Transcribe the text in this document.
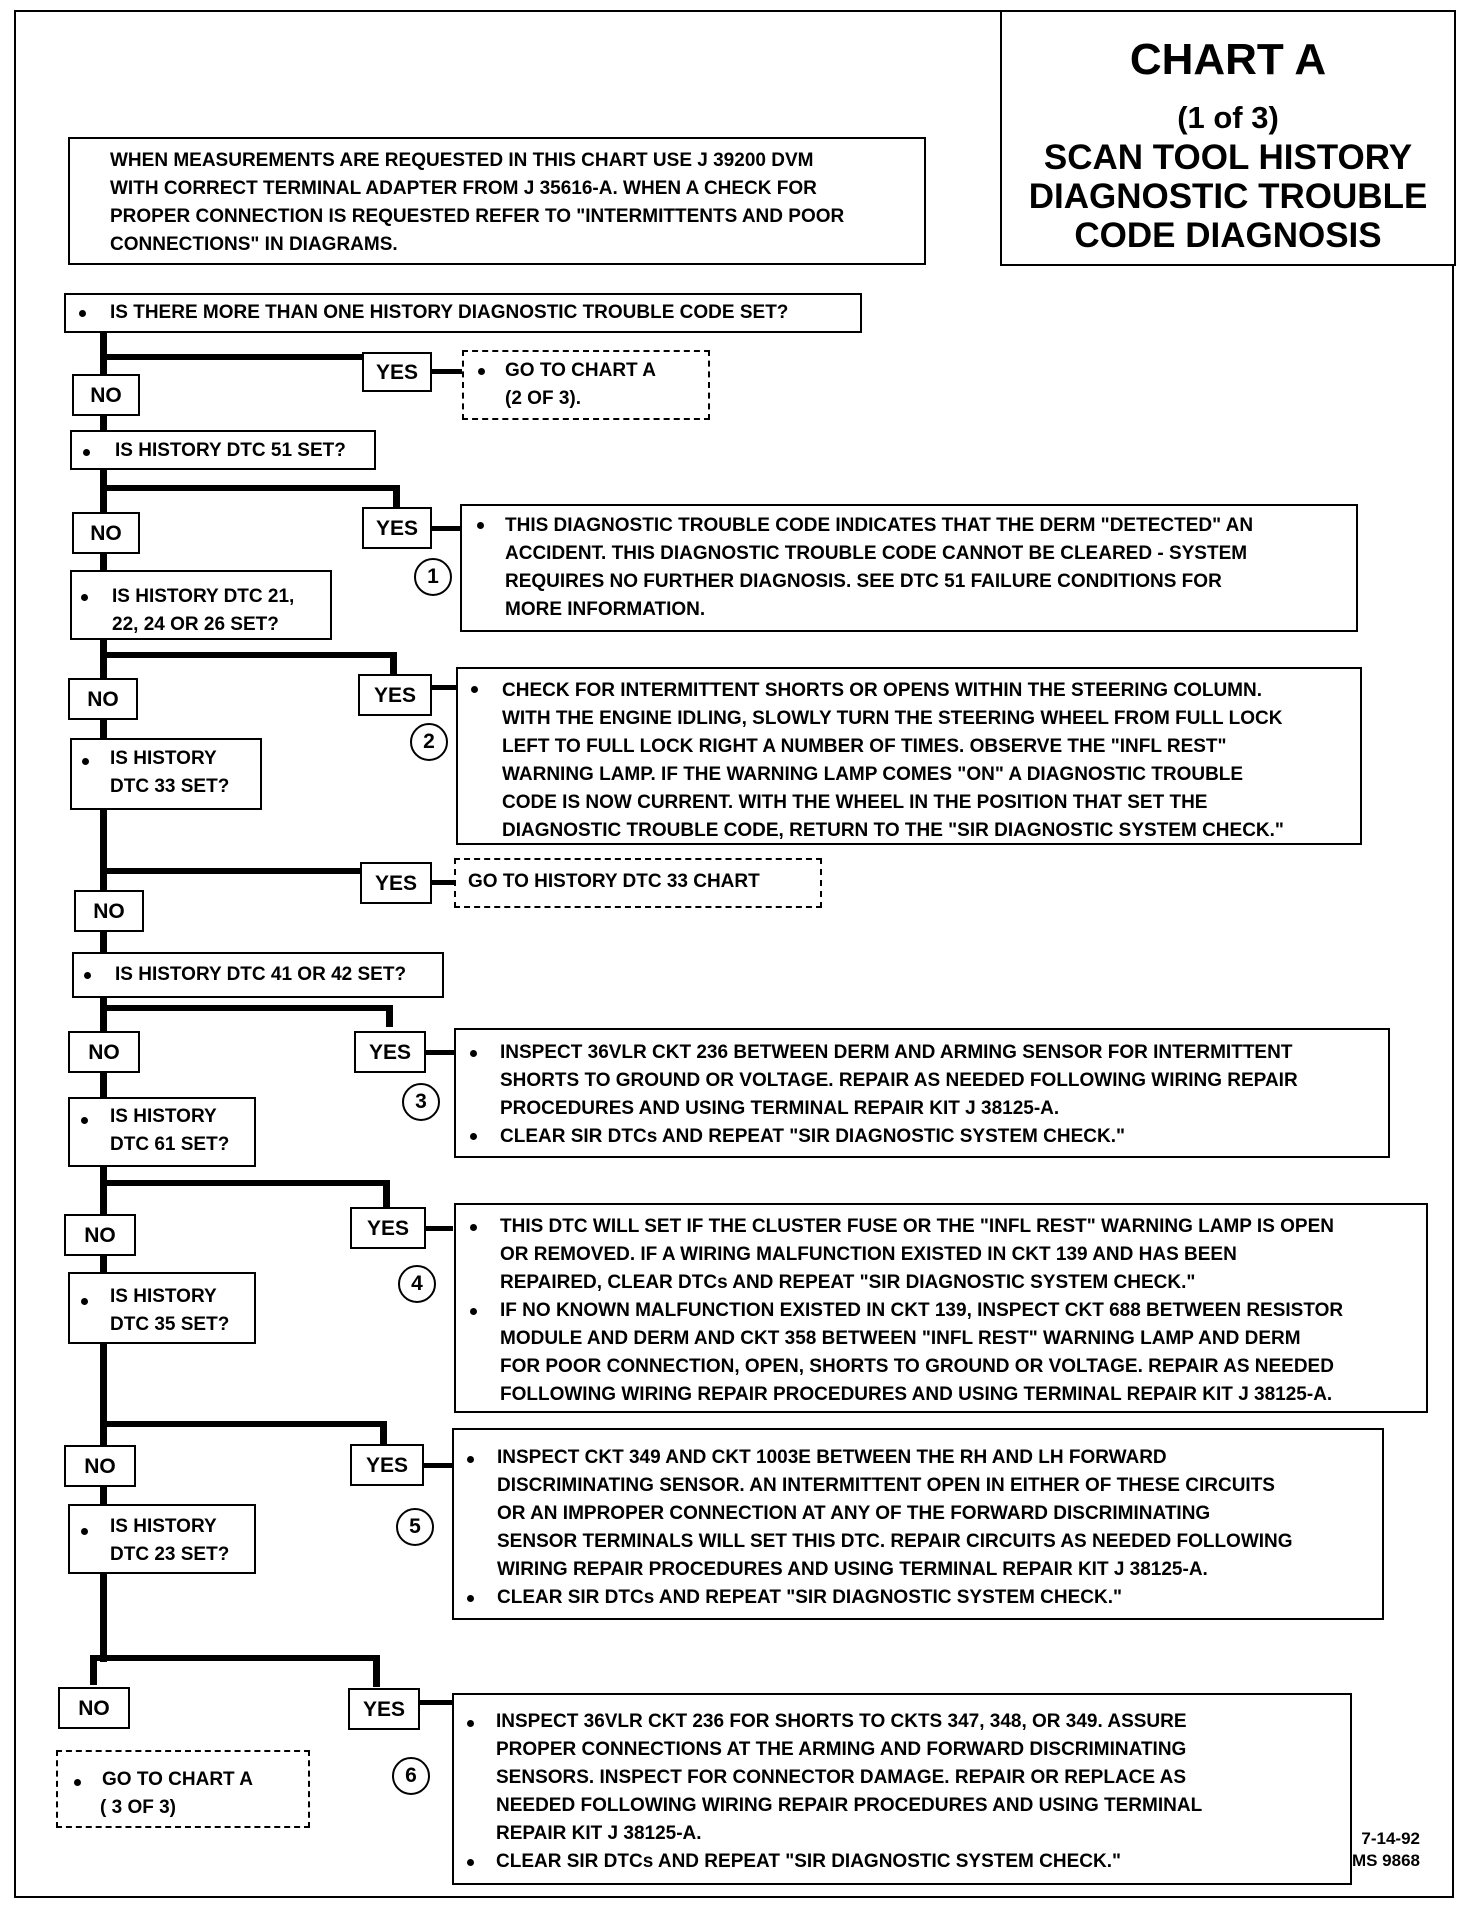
CHART A
(1 of 3)
SCAN TOOL HISTORY
DIAGNOSTIC TROUBLE
CODE DIAGNOSIS
WHEN MEASUREMENTS ARE REQUESTED IN THIS CHART USE J 39200 DVM
WITH CORRECT TERMINAL ADAPTER FROM J 35616-A. WHEN A CHECK FOR
PROPER CONNECTION IS REQUESTED REFER TO "INTERMITTENTS AND POOR
CONNECTIONS" IN DIAGRAMS.
IS THERE MORE THAN ONE HISTORY DIAGNOSTIC TROUBLE CODE SET?
YES	GO TO CHART A
(2 OF 3).
NO
IS HISTORY DTC 51 SET?
YES
1
THIS DIAGNOSTIC TROUBLE CODE INDICATES THAT THE DERM "DETECTED" AN
ACCIDENT. THIS DIAGNOSTIC TROUBLE CODE CANNOT BE CLEARED - SYSTEM
REQUIRES NO FURTHER DIAGNOSIS. SEE DTC 51 FAILURE CONDITIONS FOR
MORE INFORMATION.
NO
IS HISTORY DTC 21,
22, 24 OR 26 SET?
YES
2
CHECK FOR INTERMITTENT SHORTS OR OPENS WITHIN THE STEERING COLUMN.
WITH THE ENGINE IDLING, SLOWLY TURN THE STEERING WHEEL FROM FULL LOCK
LEFT TO FULL LOCK RIGHT A NUMBER OF TIMES. OBSERVE THE "INFL REST"
WARNING LAMP. IF THE WARNING LAMP COMES "ON" A DIAGNOSTIC TROUBLE
CODE IS NOW CURRENT. WITH THE WHEEL IN THE POSITION THAT SET THE
DIAGNOSTIC TROUBLE CODE, RETURN TO THE "SIR DIAGNOSTIC SYSTEM CHECK."
NO
IS HISTORY
DTC 33 SET?
YES	GO TO HISTORY DTC 33 CHART
NO
IS HISTORY DTC 41 OR 42 SET?
YES
3
INSPECT 36VLR CKT 236 BETWEEN DERM AND ARMING SENSOR FOR INTERMITTENT
SHORTS TO GROUND OR VOLTAGE. REPAIR AS NEEDED FOLLOWING WIRING REPAIR
PROCEDURES AND USING TERMINAL REPAIR KIT J 38125-A.
CLEAR SIR DTCs AND REPEAT "SIR DIAGNOSTIC SYSTEM CHECK."
NO
IS HISTORY
DTC 61 SET?
YES
4
THIS DTC WILL SET IF THE CLUSTER FUSE OR THE "INFL REST" WARNING LAMP IS OPEN
OR REMOVED. IF A WIRING MALFUNCTION EXISTED IN CKT 139 AND HAS BEEN
REPAIRED, CLEAR DTCs AND REPEAT "SIR DIAGNOSTIC SYSTEM CHECK."
IF NO KNOWN MALFUNCTION EXISTED IN CKT 139, INSPECT CKT 688 BETWEEN RESISTOR
MODULE AND DERM AND CKT 358 BETWEEN "INFL REST" WARNING LAMP AND DERM
FOR POOR CONNECTION, OPEN, SHORTS TO GROUND OR VOLTAGE. REPAIR AS NEEDED
FOLLOWING WIRING REPAIR PROCEDURES AND USING TERMINAL REPAIR KIT J 38125-A.
NO
IS HISTORY
DTC 35 SET?
YES
5
INSPECT CKT 349 AND CKT 1003E BETWEEN THE RH AND LH FORWARD
DISCRIMINATING SENSOR. AN INTERMITTENT OPEN IN EITHER OF THESE CIRCUITS
OR AN IMPROPER CONNECTION AT ANY OF THE FORWARD DISCRIMINATING
SENSOR TERMINALS WILL SET THIS DTC. REPAIR CIRCUITS AS NEEDED FOLLOWING
WIRING REPAIR PROCEDURES AND USING TERMINAL REPAIR KIT J 38125-A.
CLEAR SIR DTCs AND REPEAT "SIR DIAGNOSTIC SYSTEM CHECK."
NO
IS HISTORY
DTC 23 SET?
YES
6
INSPECT 36VLR CKT 236 FOR SHORTS TO CKTS 347, 348, OR 349. ASSURE
PROPER CONNECTIONS AT THE ARMING AND FORWARD DISCRIMINATING
SENSORS. INSPECT FOR CONNECTOR DAMAGE. REPAIR OR REPLACE AS
NEEDED FOLLOWING WIRING REPAIR PROCEDURES AND USING TERMINAL
REPAIR KIT J 38125-A.
CLEAR SIR DTCs AND REPEAT "SIR DIAGNOSTIC SYSTEM CHECK."
NO
GO TO CHART A
( 3 OF 3)
7-14-92
MS 9868
